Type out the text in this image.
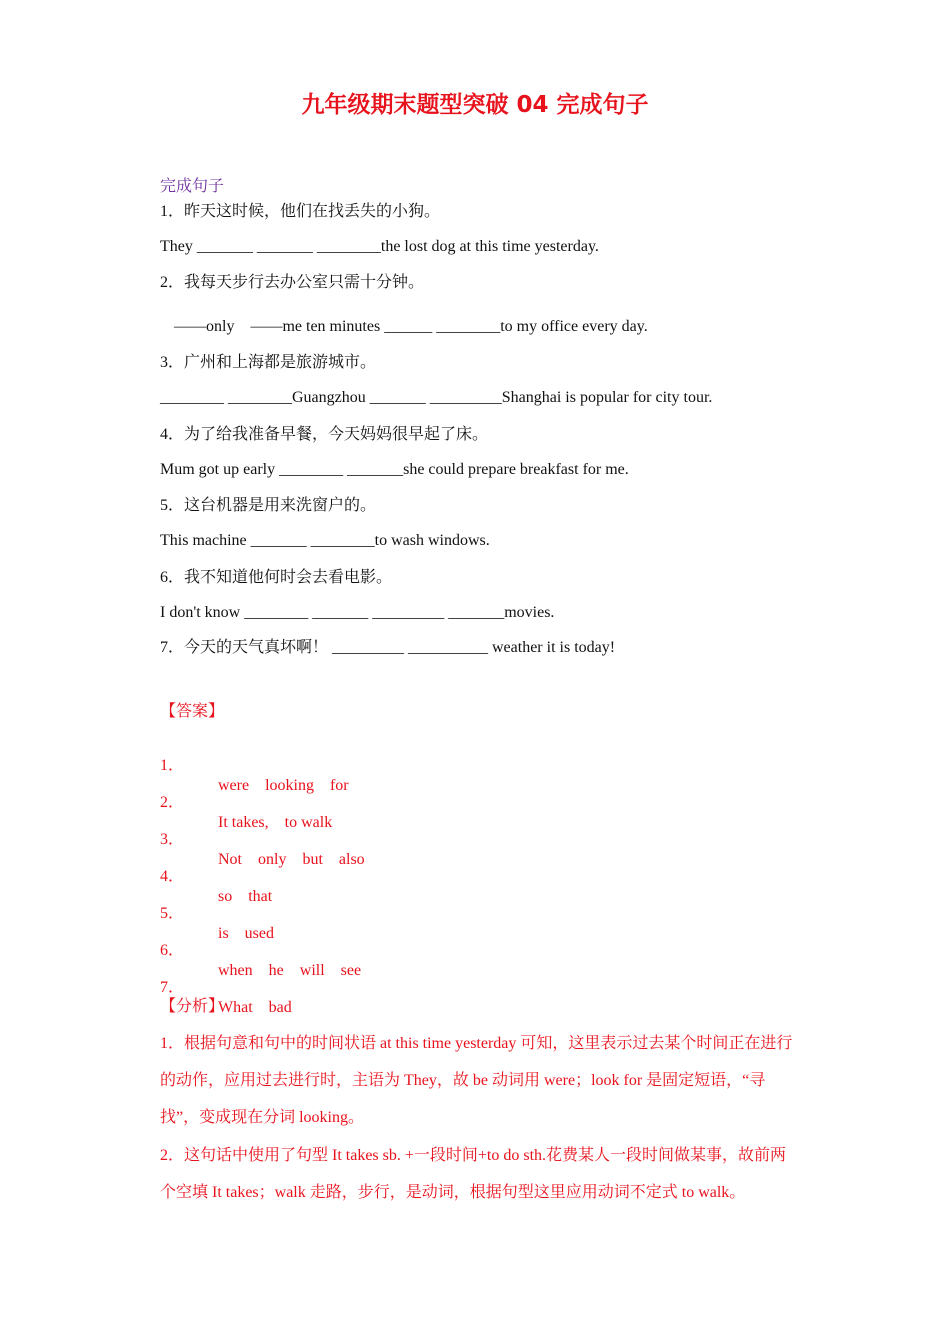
九年级期末题型突破 04 完成句子
完成句子
1．昨天这时候，他们在找丢失的小狗。
They _______ _______ ________the lost dog at this time yesterday.
2．我每天步行去办公室只需十分钟。
——only    ——me ten minutes ______ ________to my office every day.
3．广州和上海都是旅游城市。
________ ________Guangzhou _______ _________Shanghai is popular for city tour.
4．为了给我准备早餐，今天妈妈很早起了床。
Mum got up early ________ _______she could prepare breakfast for me.
5．这台机器是用来洗窗户的。
This machine _______ ________to wash windows.
6．我不知道他何时会去看电影。
I don't know ________ _______ _________ _______movies.
7．今天的天气真坏啊！ _________ __________ weather it is today!
【答案】

1．

were    looking    for

2．

It takes,    to walk

3．

Not    only    but    also

4．

so    that

5．

is    used

6．

when    he    will    see

7．

What    bad

【分析】

1．根据句意和句中的时间状语 at this time yesterday 可知，这里表示过去某个时间正在进行的动作，应用过去进行时，主语为 They，故 be 动词用 were；look for 是固定短语，“寻找”，变成现在分词 looking。

2．这句话中使用了句型 It takes sb. +一段时间+to do sth.花费某人一段时间做某事，故前两个空填 It takes；walk 走路，步行，是动词，根据句型这里应用动词不定式 to walk。
